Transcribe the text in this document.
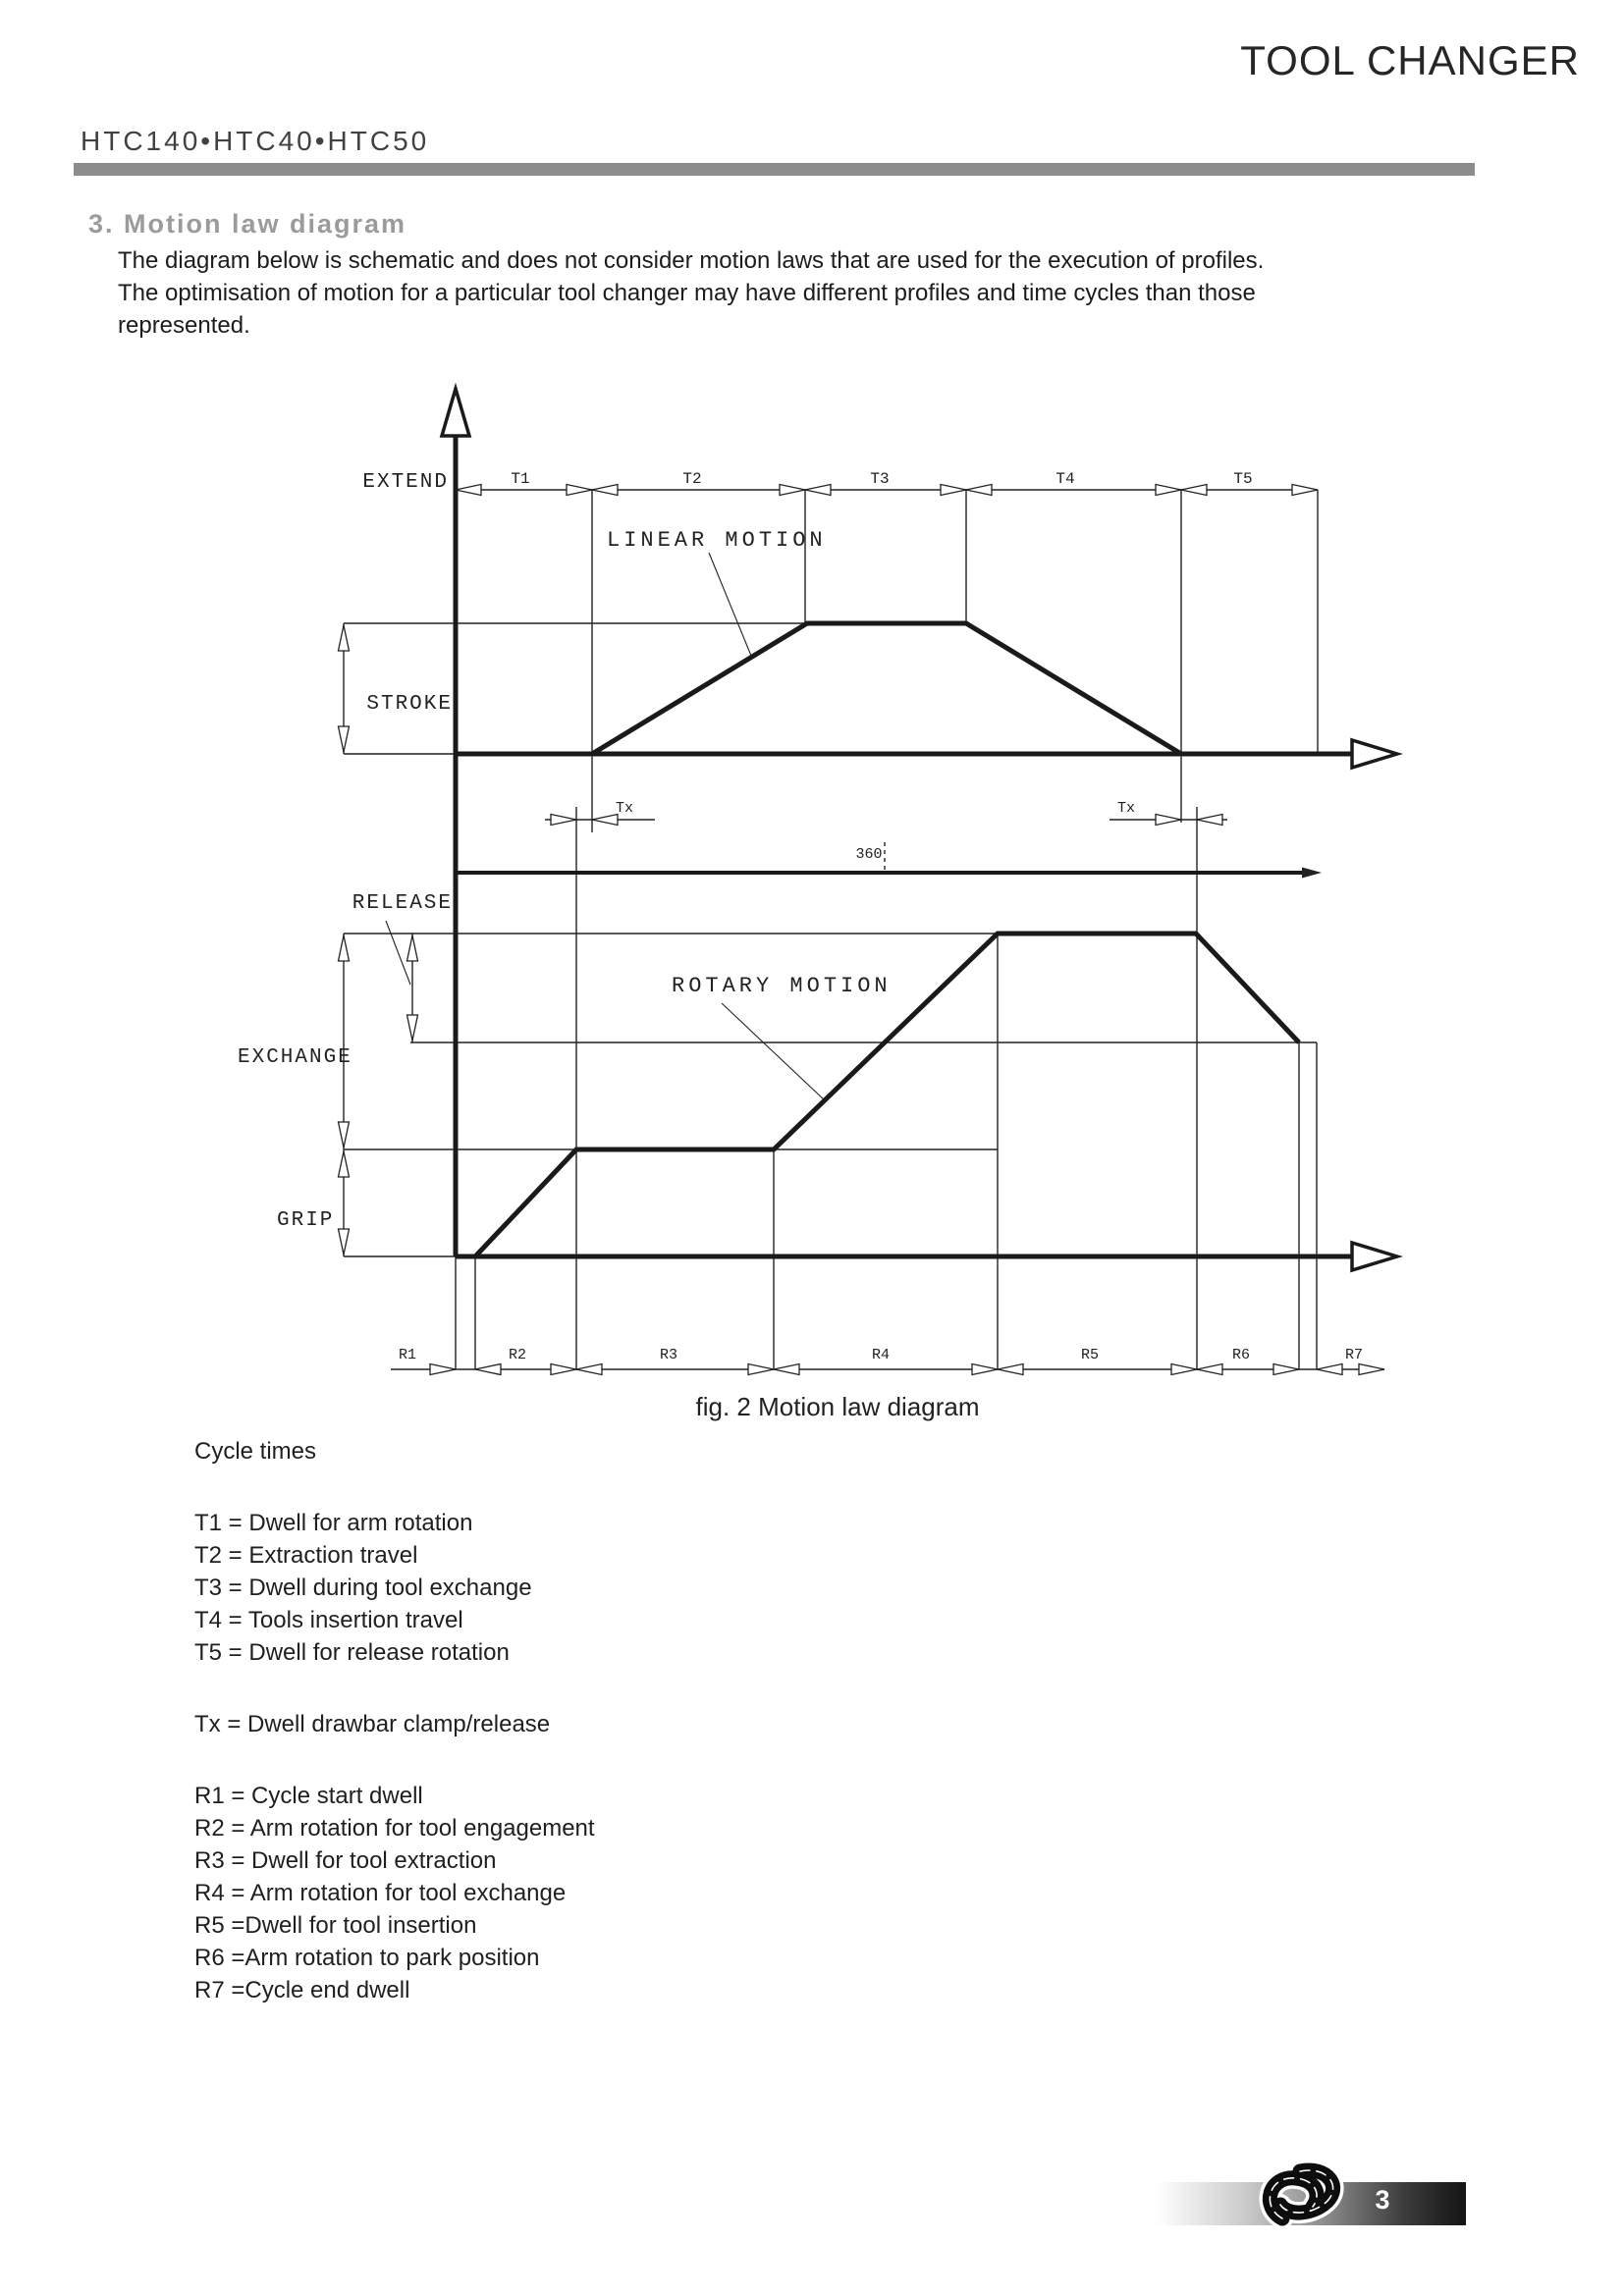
TOOL CHANGER
HTC140•HTC40•HTC50
3. Motion law diagram
The diagram below is schematic and does not consider motion laws that are used for the execution of profiles.
The optimisation of motion for a particular tool changer may have different profiles and time cycles than those
represented.
EXTEND	T1	T2	T3	T4	T5
LINEAR MOTION
STROKE
Tx	Tx
360
RELEASE
ROTARY MOTION
EXCHANGE
GRIP
R1	R2	R3	R4	R5	R6	R7
fig. 2 Motion law diagram
Cycle times
T1 = Dwell for arm rotation
T2 = Extraction travel
T3 = Dwell during tool exchange
T4 = Tools insertion travel
T5 = Dwell for release rotation
Tx = Dwell drawbar clamp/release
R1 = Cycle start dwell
R2 = Arm rotation for tool engagement
R3 = Dwell for tool extraction
R4 = Arm rotation for tool exchange
R5 =Dwell for tool insertion
R6 =Arm rotation to park position
R7 =Cycle end dwell
3
